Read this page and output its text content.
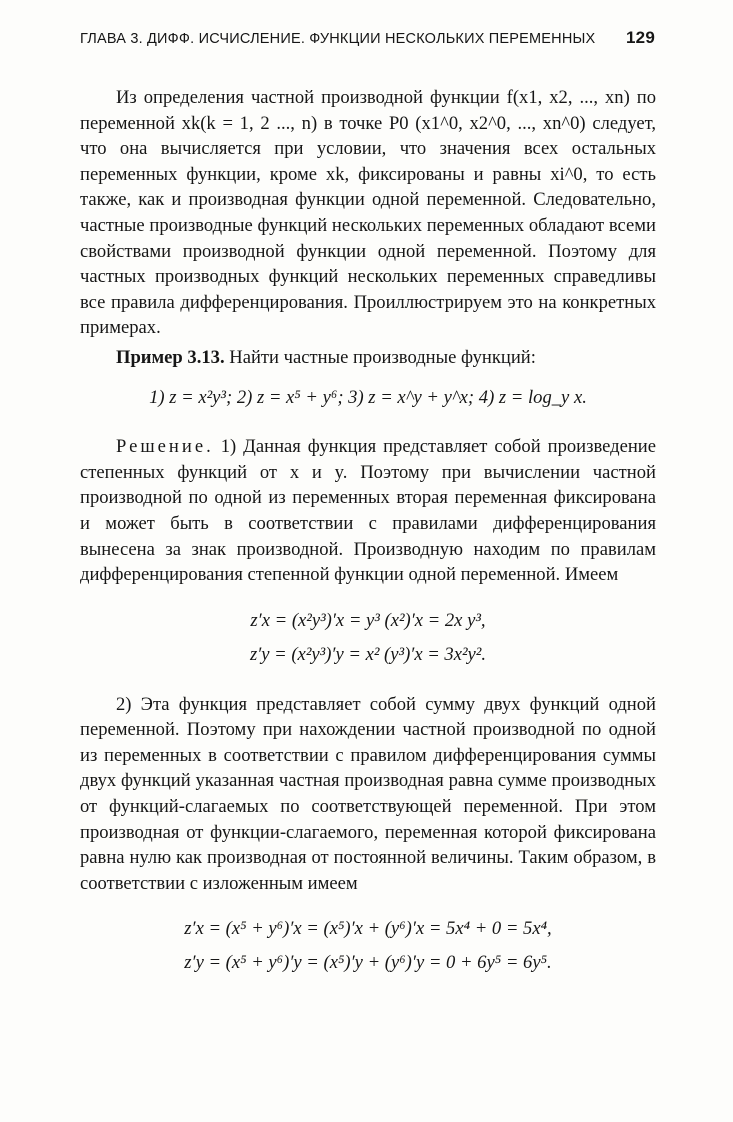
ГЛАВА 3. ДИФФ. ИСЧИСЛЕНИЕ. ФУНКЦИИ НЕСКОЛЬКИХ ПЕРЕМЕННЫХ 129

Из определения частной производной функции f(x1, x2, ..., xn) по переменной xk(k = 1, 2 ..., n) в точке P0 (x1^0, x2^0, ..., xn^0) следует, что она вычисляется при условии, что значения всех остальных переменных функции, кроме xk, фиксированы и равны xi^0, то есть также, как и производная функции одной переменной. Следовательно, частные производные функций нескольких переменных обладают всеми свойствами производной функции одной переменной. Поэтому для частных производных функций нескольких переменных справедливы все правила дифференцирования. Проиллюстрируем это на конкретных примерах.

Пример 3.13. Найти частные производные функций:

1) z = x²y³; 2) z = x⁵ + y⁶; 3) z = x^y + y^x; 4) z = log_y x.

Решение. 1) Данная функция представляет собой произведение степенных функций от x и y. Поэтому при вычислении частной производной по одной из переменных вторая переменная фиксирована и может быть в соответствии с правилами дифференцирования вынесена за знак производной. Производную находим по правилам дифференцирования степенной функции одной переменной. Имеем

z′x = (x²y³)′x = y³ (x²)′x = 2x y³,
z′y = (x²y³)′y = x² (y³)′x = 3x²y².

2) Эта функция представляет собой сумму двух функций одной переменной. Поэтому при нахождении частной производной по одной из переменных в соответствии с правилом дифференцирования суммы двух функций указанная частная производная равна сумме производных от функций-слагаемых по соответствующей переменной. При этом производная от функции-слагаемого, переменная которой фиксирована равна нулю как производная от постоянной величины. Таким образом, в соответствии с изложенным имеем

z′x = (x⁵ + y⁶)′x = (x⁵)′x + (y⁶)′x = 5x⁴ + 0 = 5x⁴,
z′y = (x⁵ + y⁶)′y = (x⁵)′y + (y⁶)′y = 0 + 6y⁵ = 6y⁵.
